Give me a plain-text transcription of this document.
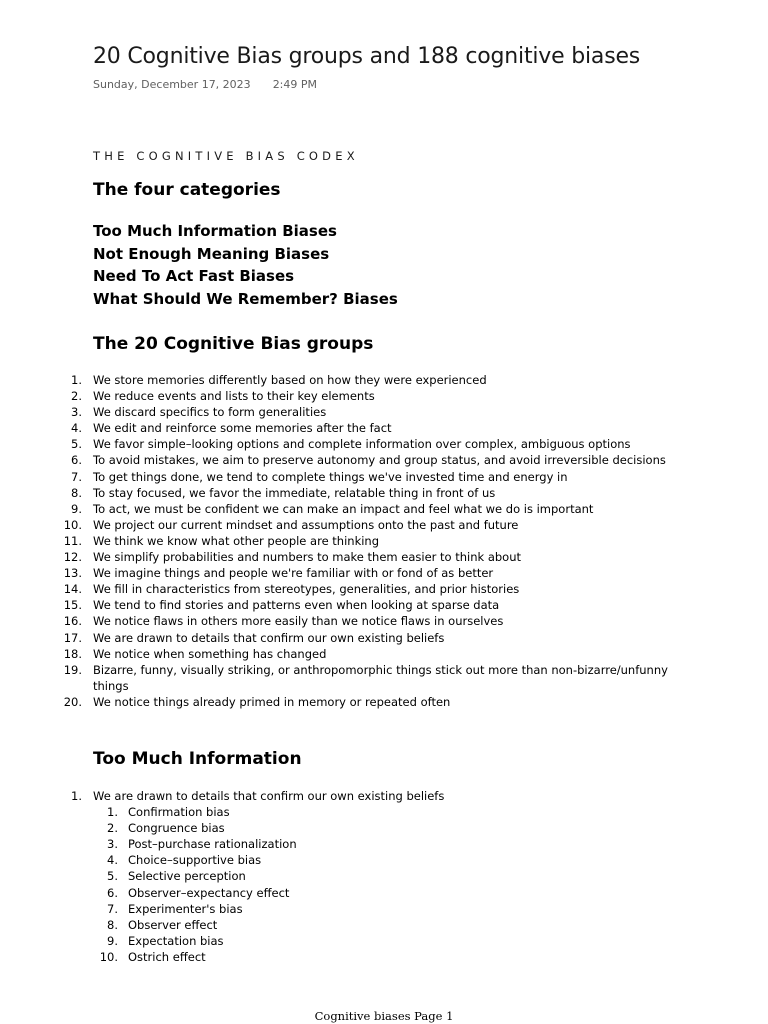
20 Cognitive Bias groups and 188 cognitive biases
Sunday, December 17, 2023 2:49 PM
THE COGNITIVE BIAS CODEX
The four categories
Too Much Information Biases
Not Enough Meaning Biases
Need To Act Fast Biases
What Should We Remember? Biases
The 20 Cognitive Bias groups
1. We store memories differently based on how they were experienced
2. We reduce events and lists to their key elements
3. We discard specifics to form generalities
4. We edit and reinforce some memories after the fact
5. We favor simple–looking options and complete information over complex, ambiguous options
6. To avoid mistakes, we aim to preserve autonomy and group status, and avoid irreversible decisions
7. To get things done, we tend to complete things we've invested time and energy in
8. To stay focused, we favor the immediate, relatable thing in front of us
9. To act, we must be confident we can make an impact and feel what we do is important
10. We project our current mindset and assumptions onto the past and future
11. We think we know what other people are thinking
12. We simplify probabilities and numbers to make them easier to think about
13. We imagine things and people we're familiar with or fond of as better
14. We fill in characteristics from stereotypes, generalities, and prior histories
15. We tend to find stories and patterns even when looking at sparse data
16. We notice flaws in others more easily than we notice flaws in ourselves
17. We are drawn to details that confirm our own existing beliefs
18. We notice when something has changed
19. Bizarre, funny, visually striking, or anthropomorphic things stick out more than non-bizarre/unfunny things
20. We notice things already primed in memory or repeated often
Too Much Information
1. We are drawn to details that confirm our own existing beliefs
1. Confirmation bias
2. Congruence bias
3. Post–purchase rationalization
4. Choice–supportive bias
5. Selective perception
6. Observer–expectancy effect
7. Experimenter's bias
8. Observer effect
9. Expectation bias
10. Ostrich effect
Cognitive biases Page 1
